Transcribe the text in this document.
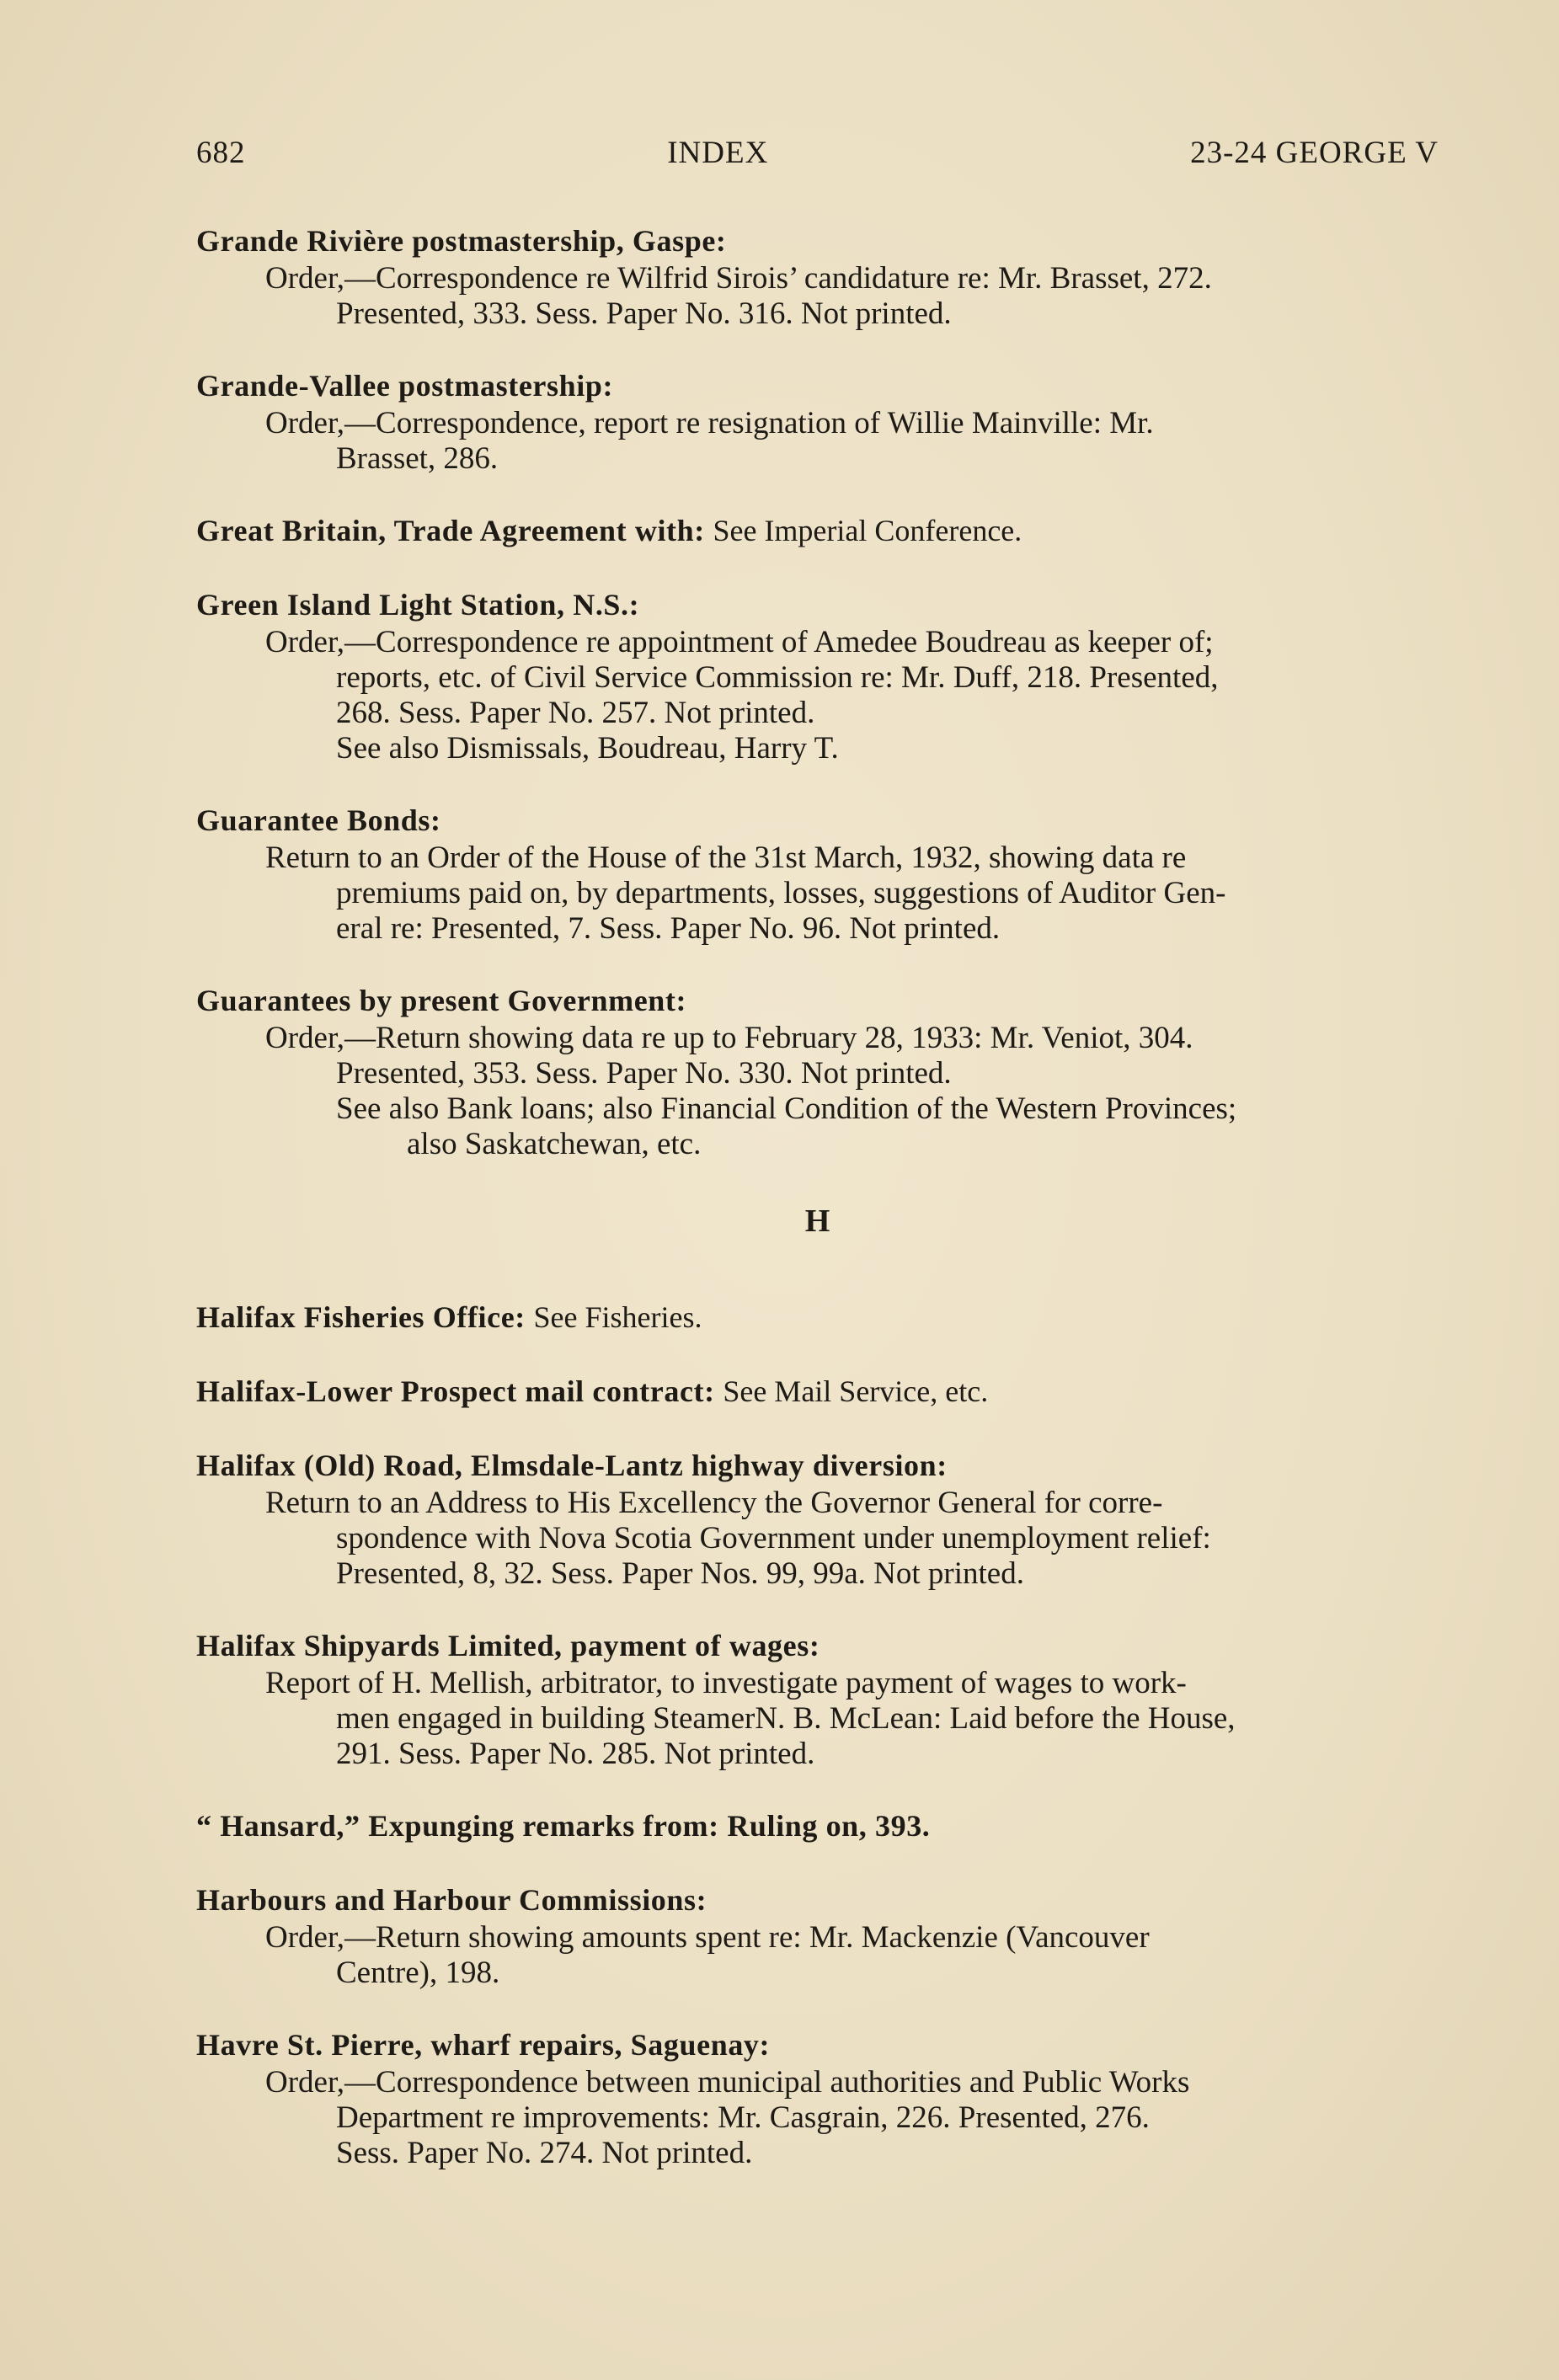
682	INDEX	23-24 GEORGE V
Grande Rivière postmastership, Gaspe:
Order,—Correspondence re Wilfrid Sirois’ candidature re: Mr. Brasset, 272.
Presented, 333. Sess. Paper No. 316. Not printed.
Grande-Vallee postmastership:
Order,—Correspondence, report re resignation of Willie Mainville: Mr.
Brasset, 286.
Great Britain, Trade Agreement with: See Imperial Conference.
Green Island Light Station, N.S.:
Order,—Correspondence re appointment of Amedee Boudreau as keeper of;
reports, etc. of Civil Service Commission re: Mr. Duff, 218. Presented,
268. Sess. Paper No. 257. Not printed.
See also Dismissals, Boudreau, Harry T.
Guarantee Bonds:
Return to an Order of the House of the 31st March, 1932, showing data re
premiums paid on, by departments, losses, suggestions of Auditor Gen-
eral re: Presented, 7. Sess. Paper No. 96. Not printed.
Guarantees by present Government:
Order,—Return showing data re up to February 28, 1933: Mr. Veniot, 304.
Presented, 353. Sess. Paper No. 330. Not printed.
See also Bank loans; also Financial Condition of the Western Provinces;
also Saskatchewan, etc.
H
Halifax Fisheries Office: See Fisheries.
Halifax-Lower Prospect mail contract: See Mail Service, etc.
Halifax (Old) Road, Elmsdale-Lantz highway diversion:
Return to an Address to His Excellency the Governor General for corre-
spondence with Nova Scotia Government under unemployment relief:
Presented, 8, 32. Sess. Paper Nos. 99, 99a. Not printed.
Halifax Shipyards Limited, payment of wages:
Report of H. Mellish, arbitrator, to investigate payment of wages to work-
men engaged in building SteamerN. B. McLean: Laid before the House,
291. Sess. Paper No. 285. Not printed.
“ Hansard,” Expunging remarks from: Ruling on, 393.
Harbours and Harbour Commissions:
Order,—Return showing amounts spent re: Mr. Mackenzie (Vancouver
Centre), 198.
Havre St. Pierre, wharf repairs, Saguenay:
Order,—Correspondence between municipal authorities and Public Works
Department re improvements: Mr. Casgrain, 226. Presented, 276.
Sess. Paper No. 274. Not printed.
